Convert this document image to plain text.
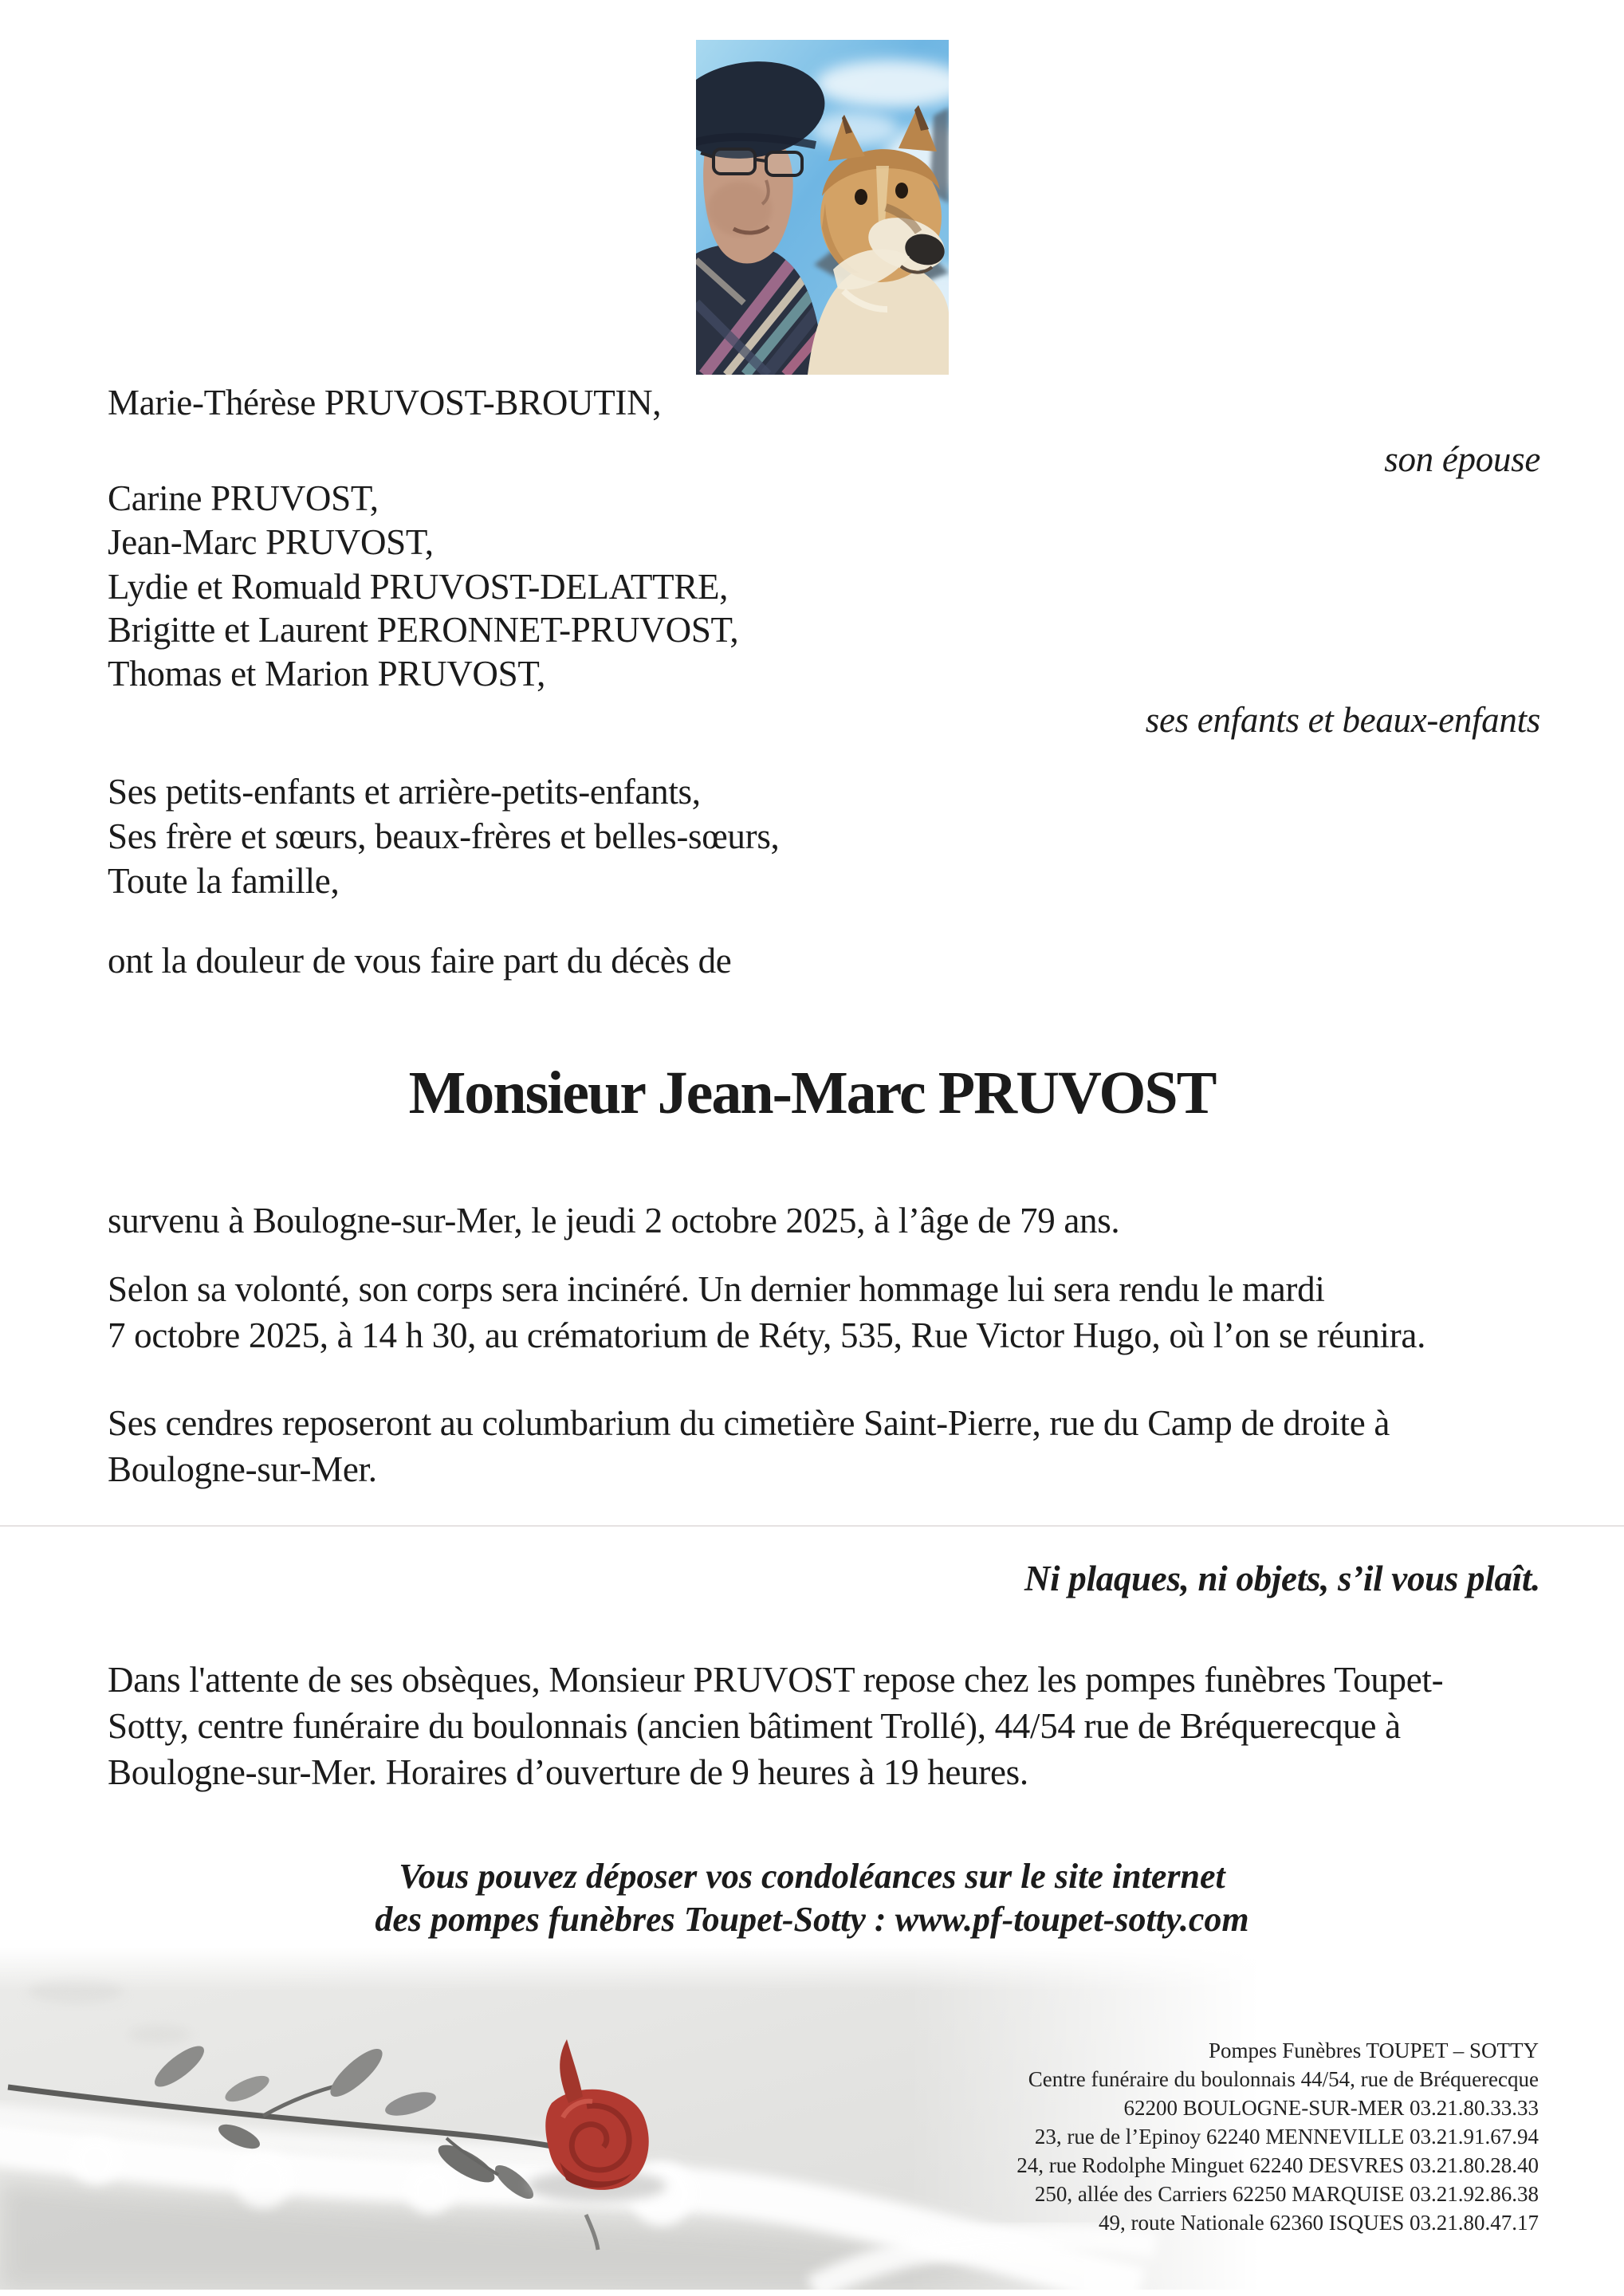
Marie-Thérèse PRUVOST-BROUTIN,
son épouse
Carine PRUVOST,
Jean-Marc PRUVOST,
Lydie et Romuald PRUVOST-DELATTRE,
Brigitte et Laurent PERONNET-PRUVOST,
Thomas et Marion PRUVOST,
ses enfants et beaux-enfants
Ses petits-enfants et arrière-petits-enfants,
Ses frère et sœurs, beaux-frères et belles-sœurs,
Toute la famille,
ont la douleur de vous faire part du décès de
Monsieur Jean-Marc PRUVOST
survenu à Boulogne-sur-Mer, le jeudi 2 octobre 2025, à l’âge de 79 ans.
Selon sa volonté, son corps sera incinéré. Un dernier hommage lui sera rendu le mardi
7 octobre 2025, à 14 h 30, au crématorium de Réty, 535, Rue Victor Hugo, où l’on se réunira.
Ses cendres reposeront au columbarium du cimetière Saint-Pierre, rue du Camp de droite à
Boulogne-sur-Mer.
Ni plaques, ni objets, s’il vous plaît.
Dans l'attente de ses obsèques, Monsieur PRUVOST repose chez les pompes funèbres Toupet-
Sotty, centre funéraire du boulonnais (ancien bâtiment Trollé), 44/54 rue de Bréquerecque à
Boulogne-sur-Mer. Horaires d’ouverture de 9 heures à 19 heures.
Vous pouvez déposer vos condoléances sur le site internet
des pompes funèbres Toupet-Sotty : www.pf-toupet-sotty.com
Pompes Funèbres TOUPET – SOTTY
Centre funéraire du boulonnais 44/54, rue de Bréquerecque
62200 BOULOGNE-SUR-MER 03.21.80.33.33
23, rue de l’Epinoy 62240 MENNEVILLE 03.21.91.67.94
24, rue Rodolphe Minguet 62240 DESVRES 03.21.80.28.40
250, allée des Carriers 62250 MARQUISE 03.21.92.86.38
49, route Nationale 62360 ISQUES 03.21.80.47.17
